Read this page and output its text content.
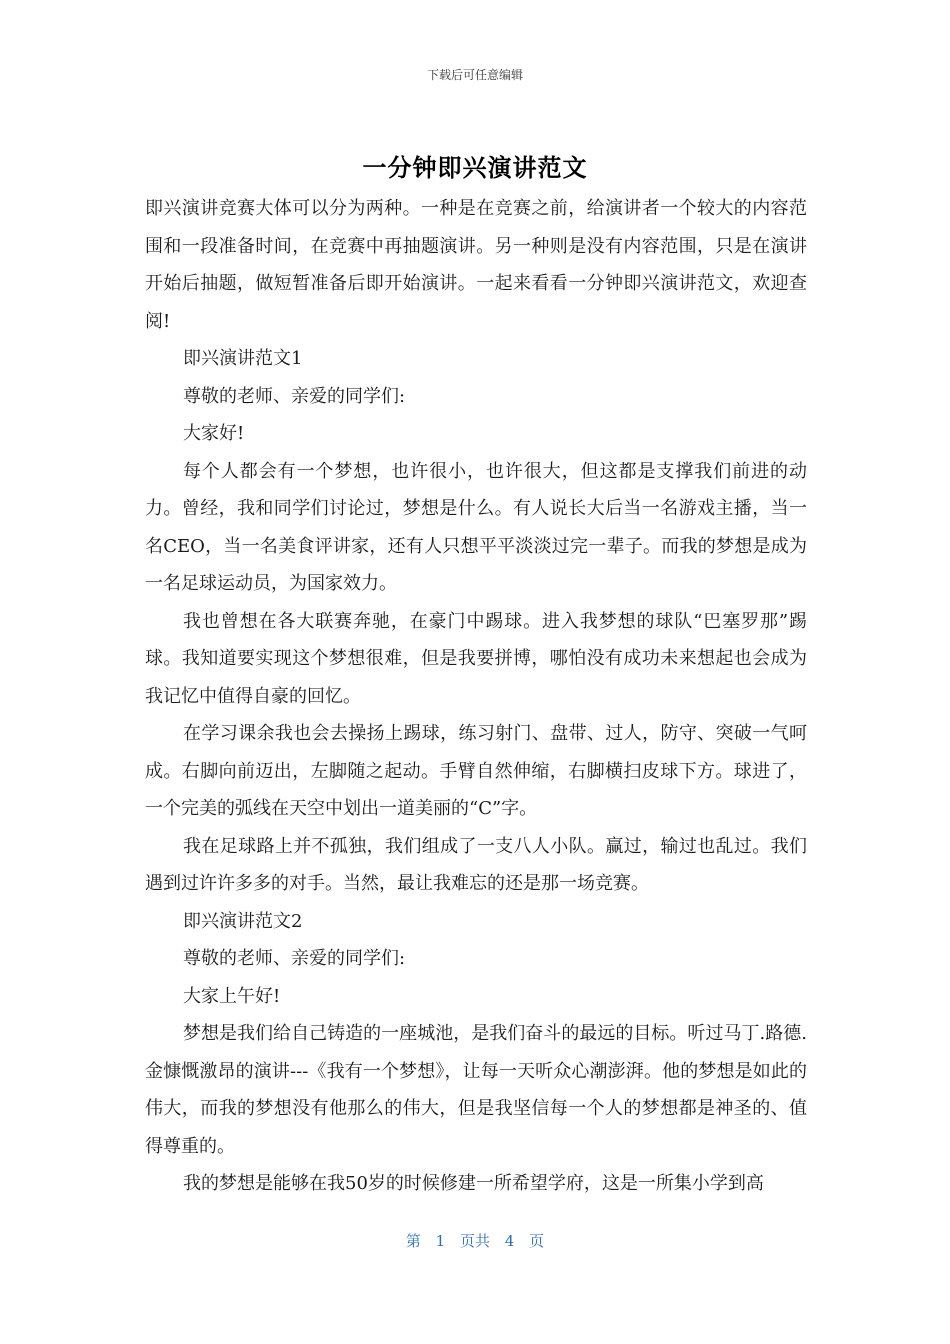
下载后可任意编辑
一分钟即兴演讲范文

即兴演讲竞赛大体可以分为两种。一种是在竞赛之前，给演讲者一个较大的内容范围和一段准备时间，在竞赛中再抽题演讲。另一种则是没有内容范围，只是在演讲开始后抽题，做短暂准备后即开始演讲。一起来看看一分钟即兴演讲范文，欢迎查阅!

即兴演讲范文1

尊敬的老师、亲爱的同学们:

大家好!

每个人都会有一个梦想，也许很小，也许很大，但这都是支撑我们前进的动力。曾经，我和同学们讨论过，梦想是什么。有人说长大后当一名游戏主播，当一名CEO，当一名美食评讲家，还有人只想平平淡淡过完一辈子。而我的梦想是成为一名足球运动员，为国家效力。

我也曾想在各大联赛奔驰，在豪门中踢球。进入我梦想的球队“巴塞罗那”踢球。我知道要实现这个梦想很难，但是我要拼博，哪怕没有成功未来想起也会成为我记忆中值得自豪的回忆。

在学习课余我也会去操扬上踢球，练习射门、盘带、过人，防守、突破一气呵成。右脚向前迈出，左脚随之起动。手臂自然伸缩，右脚横扫皮球下方。球进了，一个完美的弧线在天空中划出一道美丽的“C”字。

我在足球路上并不孤独，我们组成了一支八人小队。赢过，输过也乱过。我们遇到过许许多多的对手。当然，最让我难忘的还是那一场竞赛。

即兴演讲范文2

尊敬的老师、亲爱的同学们:

大家上午好!

梦想是我们给自己铸造的一座城池，是我们奋斗的最远的目标。听过马丁.路德.金慷慨激昂的演讲---《我有一个梦想》，让每一天听众心潮澎湃。他的梦想是如此的伟大，而我的梦想没有他那么的伟大，但是我坚信每一个人的梦想都是神圣的、值得尊重的。

我的梦想是能够在我50岁的时候修建一所希望学府，这是一所集小学到高

第 1 页共 4 页
